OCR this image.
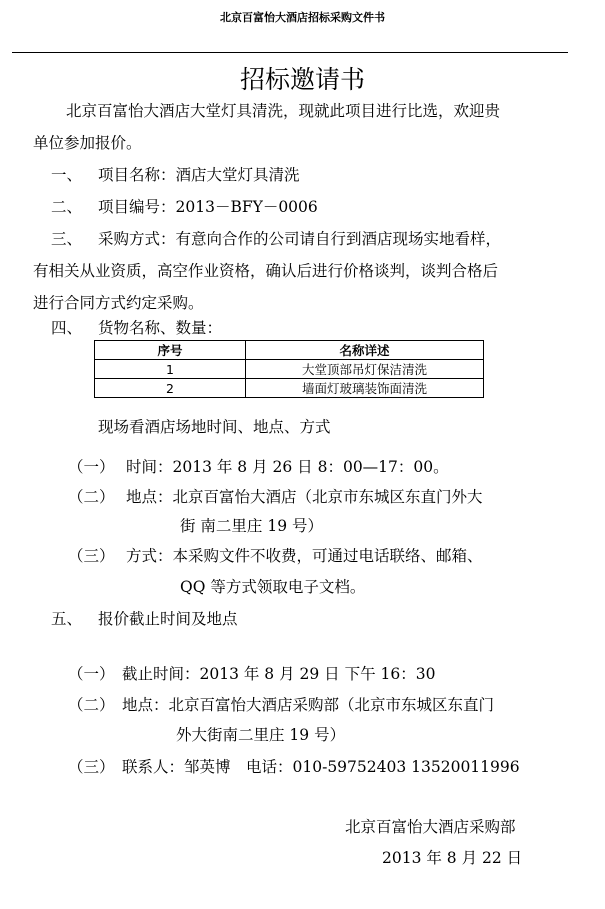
北京百富怡大酒店招标采购文件书
招标邀请书
北京百富怡大酒店大堂灯具清洗，现就此项目进行比选，欢迎贵
单位参加报价。
一、 项目名称：酒店大堂灯具清洗
二、 项目编号：2013－BFY－0006
三、 采购方式：有意向合作的公司请自行到酒店现场实地看样，
有相关从业资质，高空作业资格，确认后进行价格谈判，谈判合格后
进行合同方式约定采购。
四、 货物名称、数量：
序号	名称详述
1	大堂顶部吊灯保洁清洗
2	墙面灯玻璃装饰面清洗
现场看酒店场地时间、地点、方式
（一） 时间：2013 年 8 月 26 日 8：00—17：00。
（二） 地点：北京百富怡大酒店（北京市东城区东直门外大
街 南二里庄 19 号）
（三） 方式：本采购文件不收费，可通过电话联络、邮箱、
QQ 等方式领取电子文档。
五、 报价截止时间及地点
（一） 截止时间：2013 年 8 月 29 日 下午 16：30
（二） 地点：北京百富怡大酒店采购部（北京市东城区东直门
外大街南二里庄 19 号）
（三） 联系人：邹英博　电话：010-59752403 13520011996
北京百富怡大酒店采购部
2013 年 8 月 22 日
